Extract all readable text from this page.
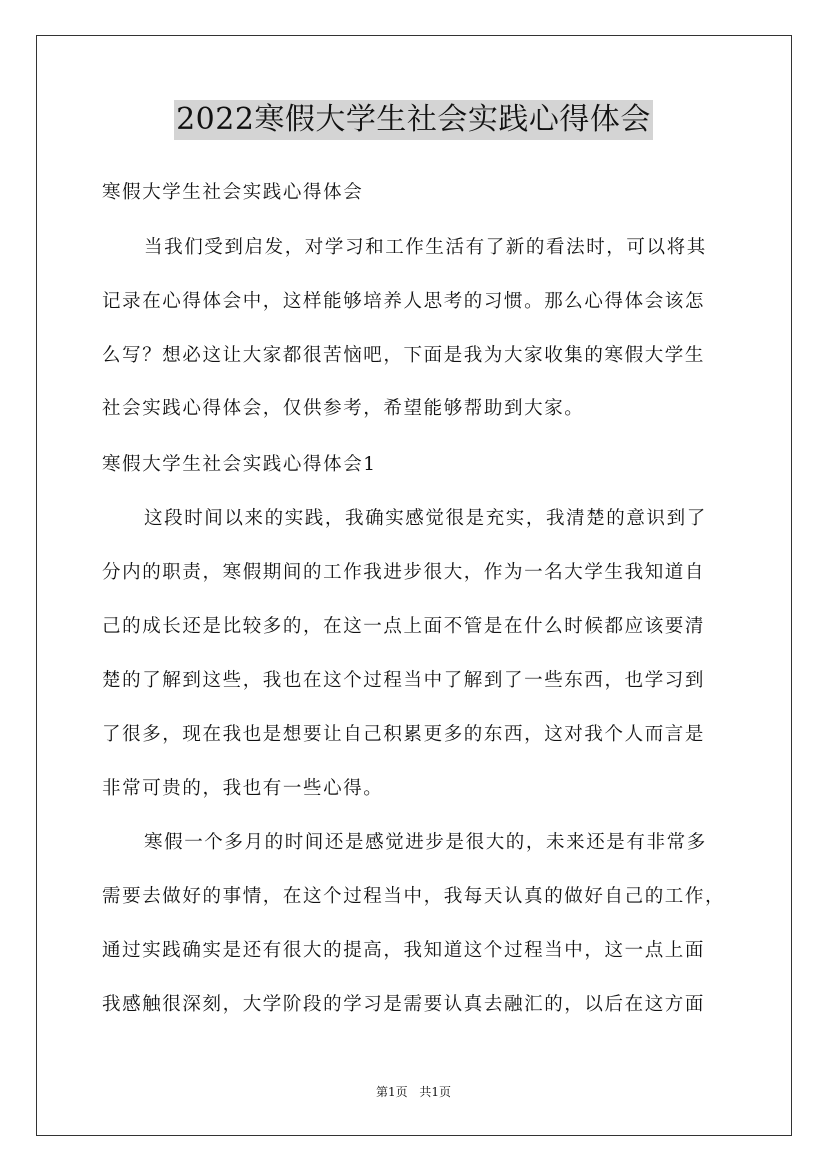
2022寒假大学生社会实践心得体会
寒假大学生社会实践心得体会
当我们受到启发，对学习和工作生活有了新的看法时，可以将其
记录在心得体会中，这样能够培养人思考的习惯。那么心得体会该怎
么写？想必这让大家都很苦恼吧，下面是我为大家收集的寒假大学生
社会实践心得体会，仅供参考，希望能够帮助到大家。
寒假大学生社会实践心得体会1
这段时间以来的实践，我确实感觉很是充实，我清楚的意识到了
分内的职责，寒假期间的工作我进步很大，作为一名大学生我知道自
己的成长还是比较多的，在这一点上面不管是在什么时候都应该要清
楚的了解到这些，我也在这个过程当中了解到了一些东西，也学习到
了很多，现在我也是想要让自己积累更多的东西，这对我个人而言是
非常可贵的，我也有一些心得。
寒假一个多月的时间还是感觉进步是很大的，未来还是有非常多
需要去做好的事情，在这个过程当中，我每天认真的做好自己的工作，
通过实践确实是还有很大的提高，我知道这个过程当中，这一点上面
我感触很深刻，大学阶段的学习是需要认真去融汇的，以后在这方面
第1页 共1页
